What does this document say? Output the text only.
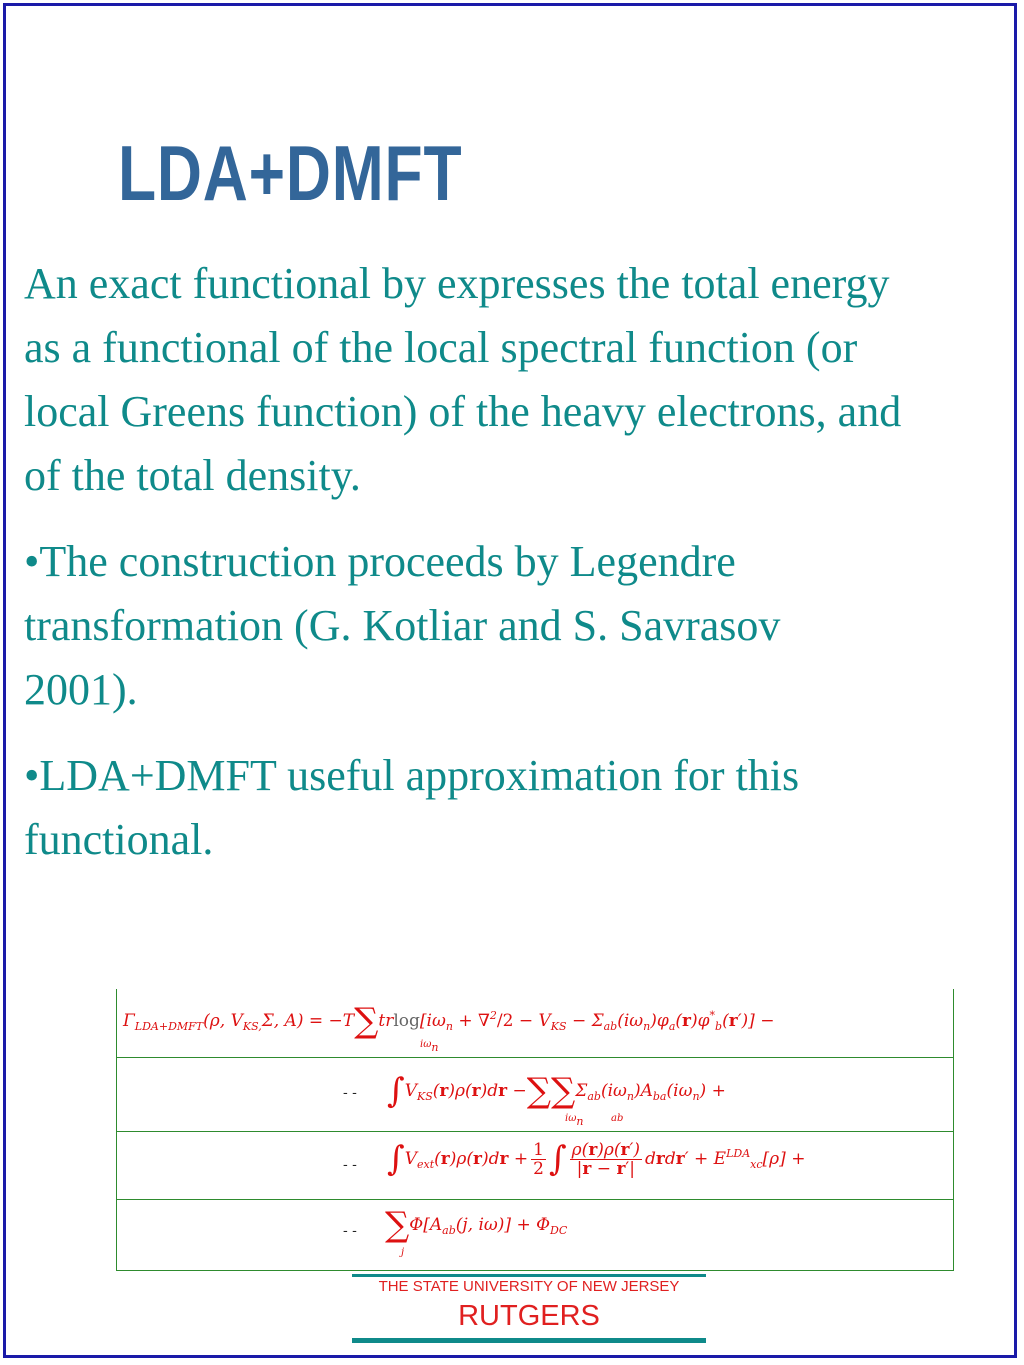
LDA+DMFT

An exact functional by expresses the total energy as a functional of the local spectral function (or local Greens function) of the heavy electrons, and of the total density.

•The construction proceeds by Legendre transformation (G. Kotliar and S. Savrasov 2001).

•LDA+DMFT useful approximation for this functional.

$\Gamma_{LDA+DMFT}(\rho$, $V_{KS,}\Sigma$, $A) = -T\sum trlog[i\omega_n + \nabla^2/2 - V_{KS} - \Sigma_{ab}(i\omega_n)\varphi_a(r)\varphi^*_b(r')]$ −
iωn
- - $\int V_{KS}(r)\rho(r)dr -\sum\sum\Sigma_{ab}(i\omega_n)A_{ba}(i\omega_n)$ +
iωn	ab
- - $\int V_{ext}(r)\rho(r)dr + \frac{1}{2}$ ∫ $\frac{\rho(r)\rho(r')}{|r - r'|}$ drdr′ + $E^{LDA}_{xc}[\rho]$ +
- - $\sum\Phi[A_{ab}(j$, $i\omega)] + \Phi_{DC}$
j
THE STATE UNIVERSITY OF NEW JERSEY
RUTGERS
